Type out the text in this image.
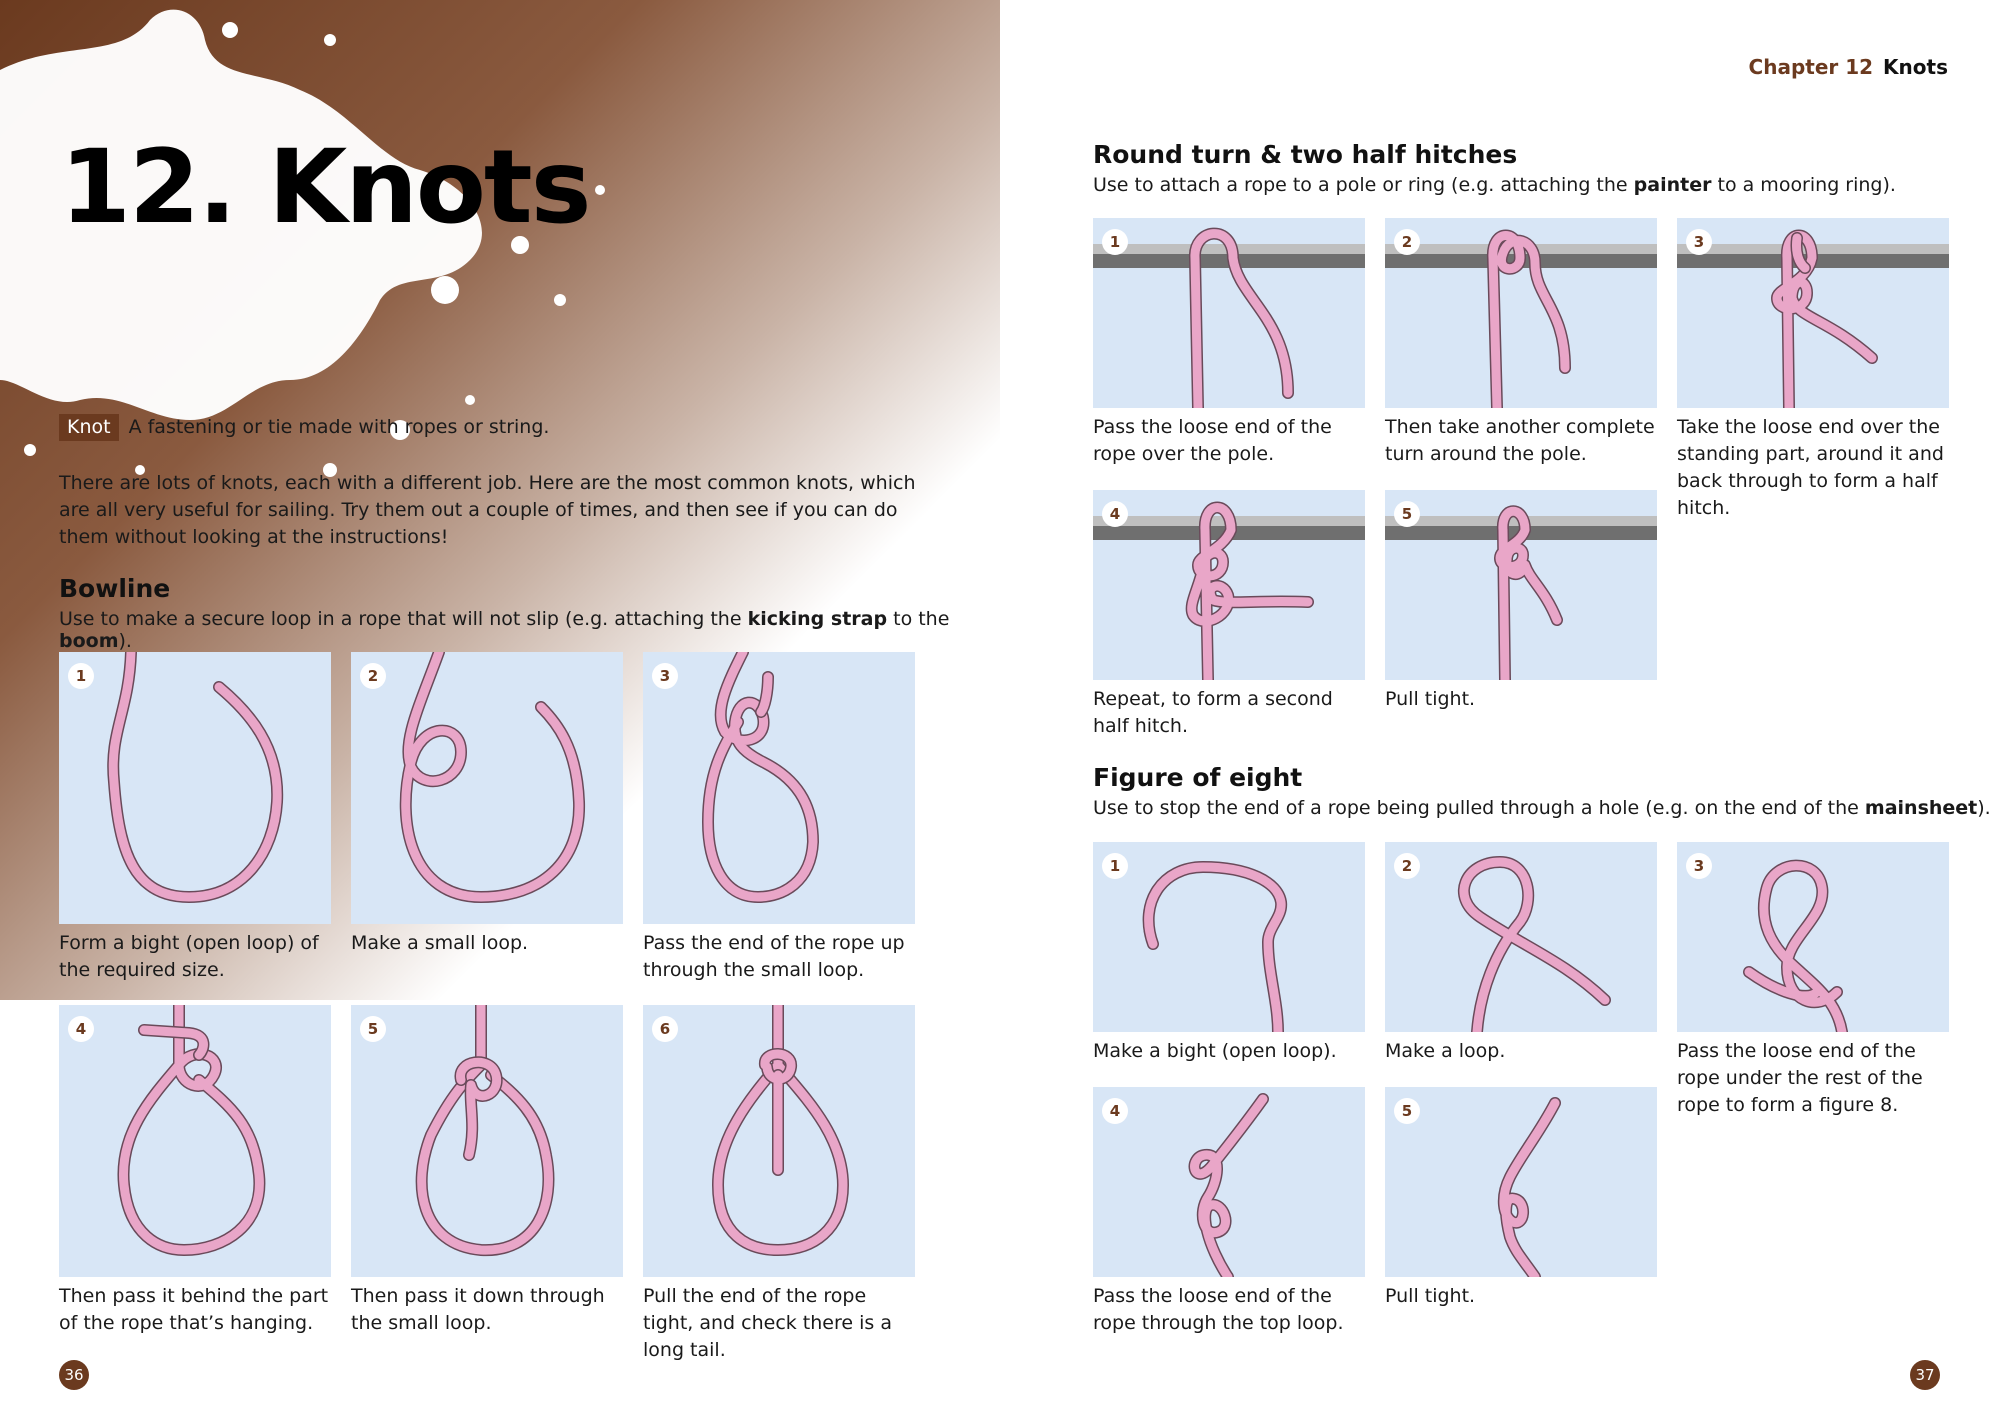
12. Knots
Knot A fastening or tie made with ropes or string.

There are lots of knots, each with a different job. Here are the most common knots, which are all very useful for sailing. Try them out a couple of times, and then see if you can do them without looking at the instructions!

Bowline

Use to make a secure loop in a rope that will not slip (e.g. attaching the kicking strap to the boom).

1

Form a bight (open loop) of the required size.

2

Make a small loop.

3

Pass the end of the rope up through the small loop.

4

Then pass it behind the part of the rope that’s hanging.

5

Then pass it down through the small loop.

6

Pull the end of the rope tight, and check there is a long tail.

36
Chapter 12 Knots
Round turn & two half hitches

Use to attach a rope to a pole or ring (e.g. attaching the painter to a mooring ring).

1

Pass the loose end of the rope over the pole.

2

Then take another complete turn around the pole.

3

Take the loose end over the standing part, around it and back through to form a half hitch.

4

Repeat, to form a second half hitch.

5

Pull tight.

Figure of eight

Use to stop the end of a rope being pulled through a hole (e.g. on the end of the mainsheet).

1

Make a bight (open loop).

2

Make a loop.

3

Pass the loose end of the rope under the rest of the rope to form a figure 8.

4

Pass the loose end of the rope through the top loop.

5

Pull tight.

37
